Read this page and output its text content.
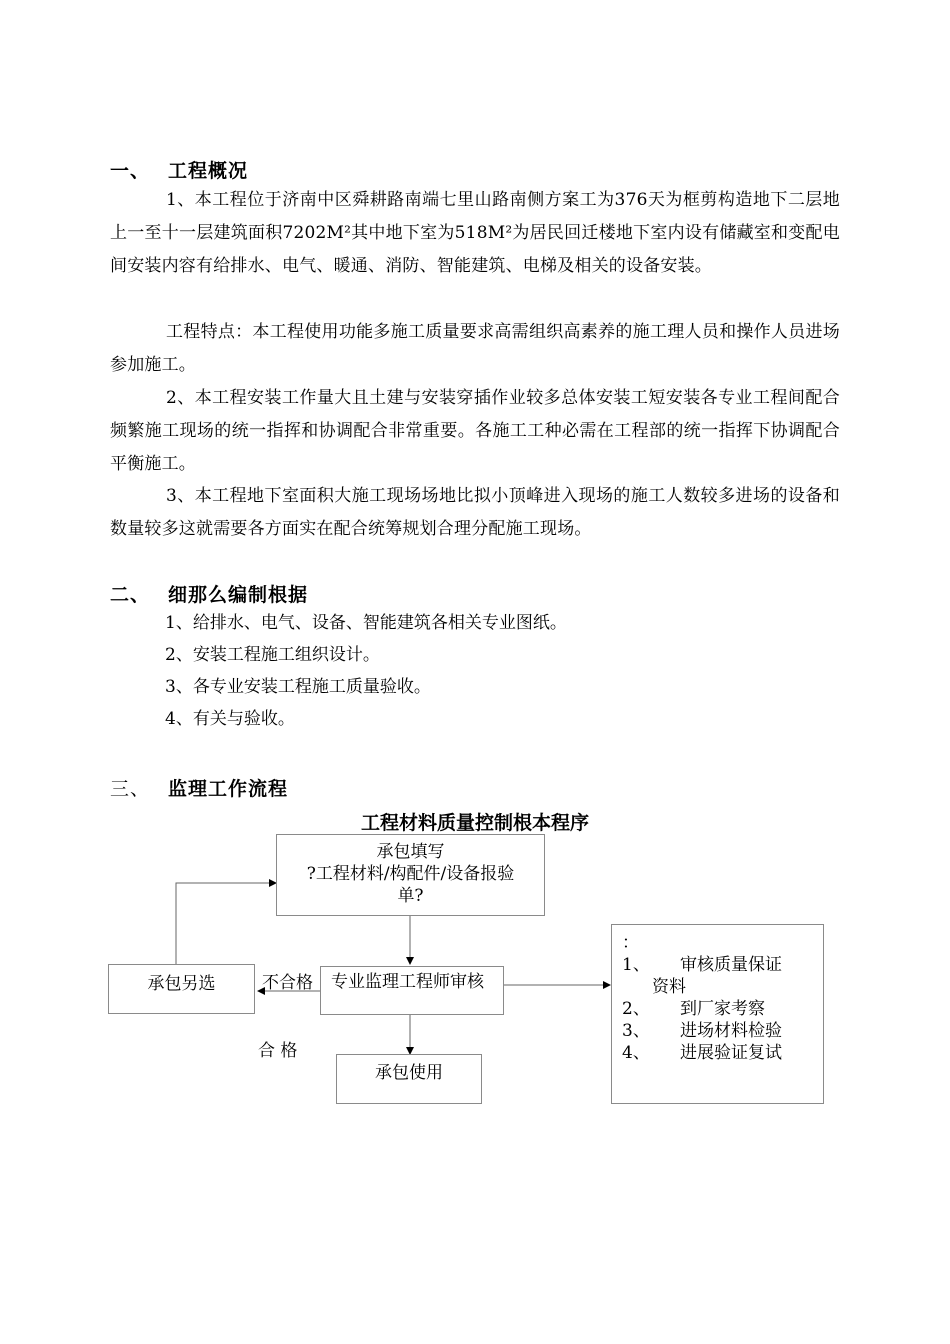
一、 工程概况
1、本工程位于济南中区舜耕路南端七里山路南侧方案工为376天为框剪构造地下二层地上一至十一层建筑面积7202M²其中地下室为518M²为居民回迁楼地下室内设有储藏室和变配电间安装内容有给排水、电气、暖通、消防、智能建筑、电梯及相关的设备安装。
工程特点：本工程使用功能多施工质量要求高需组织高素养的施工理人员和操作人员进场参加施工。
2、本工程安装工作量大且土建与安装穿插作业较多总体安装工短安装各专业工程间配合频繁施工现场的统一指挥和协调配合非常重要。各施工工种必需在工程部的统一指挥下协调配合平衡施工。
3、本工程地下室面积大施工现场场地比拟小顶峰进入现场的施工人数较多进场的设备和数量较多这就需要各方面实在配合统筹规划合理分配施工现场。
二、 细那么编制根据
1、给排水、电气、设备、智能建筑各相关专业图纸。
2、安装工程施工组织设计。
3、各专业安装工程施工质量验收。
4、有关与验收。
三、 监理工作流程
工程材料质量控制根本程序
承包填写
?工程材料/构配件/设备报验
单?
承包另选	不合格	专业监理工程师审核
合 格
承包使用
：
1、 审核质量保证
资料
2、 到厂家考察
3、 进场材料检验
4、 进展验证复试
